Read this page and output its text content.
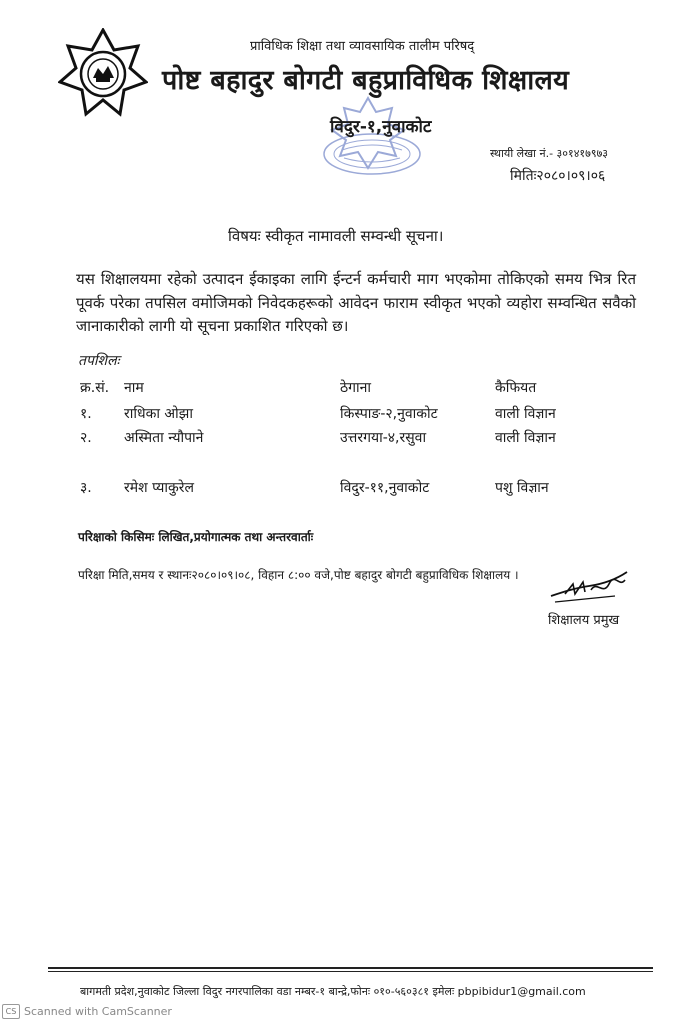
प्राविधिक शिक्षा तथा व्यावसायिक तालीम परिषद्
पोष्ट बहादुर बोगटी बहुप्राविधिक शिक्षालय
विदुर-१,नुवाकोट
स्थायी लेखा नं.- ३०१४१७९७३
मितिः२०८०।०९।०६
विषयः स्वीकृत नामावली सम्वन्धी सूचना।
यस शिक्षालयमा रहेको उत्पादन ईकाइका लागि ईन्टर्न कर्मचारी माग भएकोमा तोकिएको समय भित्र रित पूवर्क परेका तपसिल वमोजिमको निवेदकहरूको आवेदन फाराम स्वीकृत भएको व्यहोरा सम्वन्धित सवैको जानाकारीको लागी यो सूचना प्रकाशित गरिएको छ।
तपशिलः
क्र.सं. नाम	ठेगाना	कैफियत
१. राधिका ओझा	किस्पाङ-२,नुवाकोट	वाली विज्ञान
२. अस्मिता न्यौपाने	उत्तरगया-४,रसुवा	वाली विज्ञान
३. रमेश प्याकुरेल	विदुर-११,नुवाकोट	पशु विज्ञान
परिक्षाको किसिमः लिखित,प्रयोगात्मक तथा अन्तरवार्ताः
परिक्षा मिति,समय र स्थानः२०८०।०९।०८, विहान ८:०० वजे,पोष्ट बहादुर बोगटी बहुप्राविधिक शिक्षालय ।
शिक्षालय प्रमुख
बागमती प्रदेश,नुवाकोट जिल्ला विदुर नगरपालिका वडा नम्बर-१ बान्द्रे,फोनः ०१०-५६०३८१ इमेलः pbpibidur1@gmail.com
CS Scanned with CamScanner
